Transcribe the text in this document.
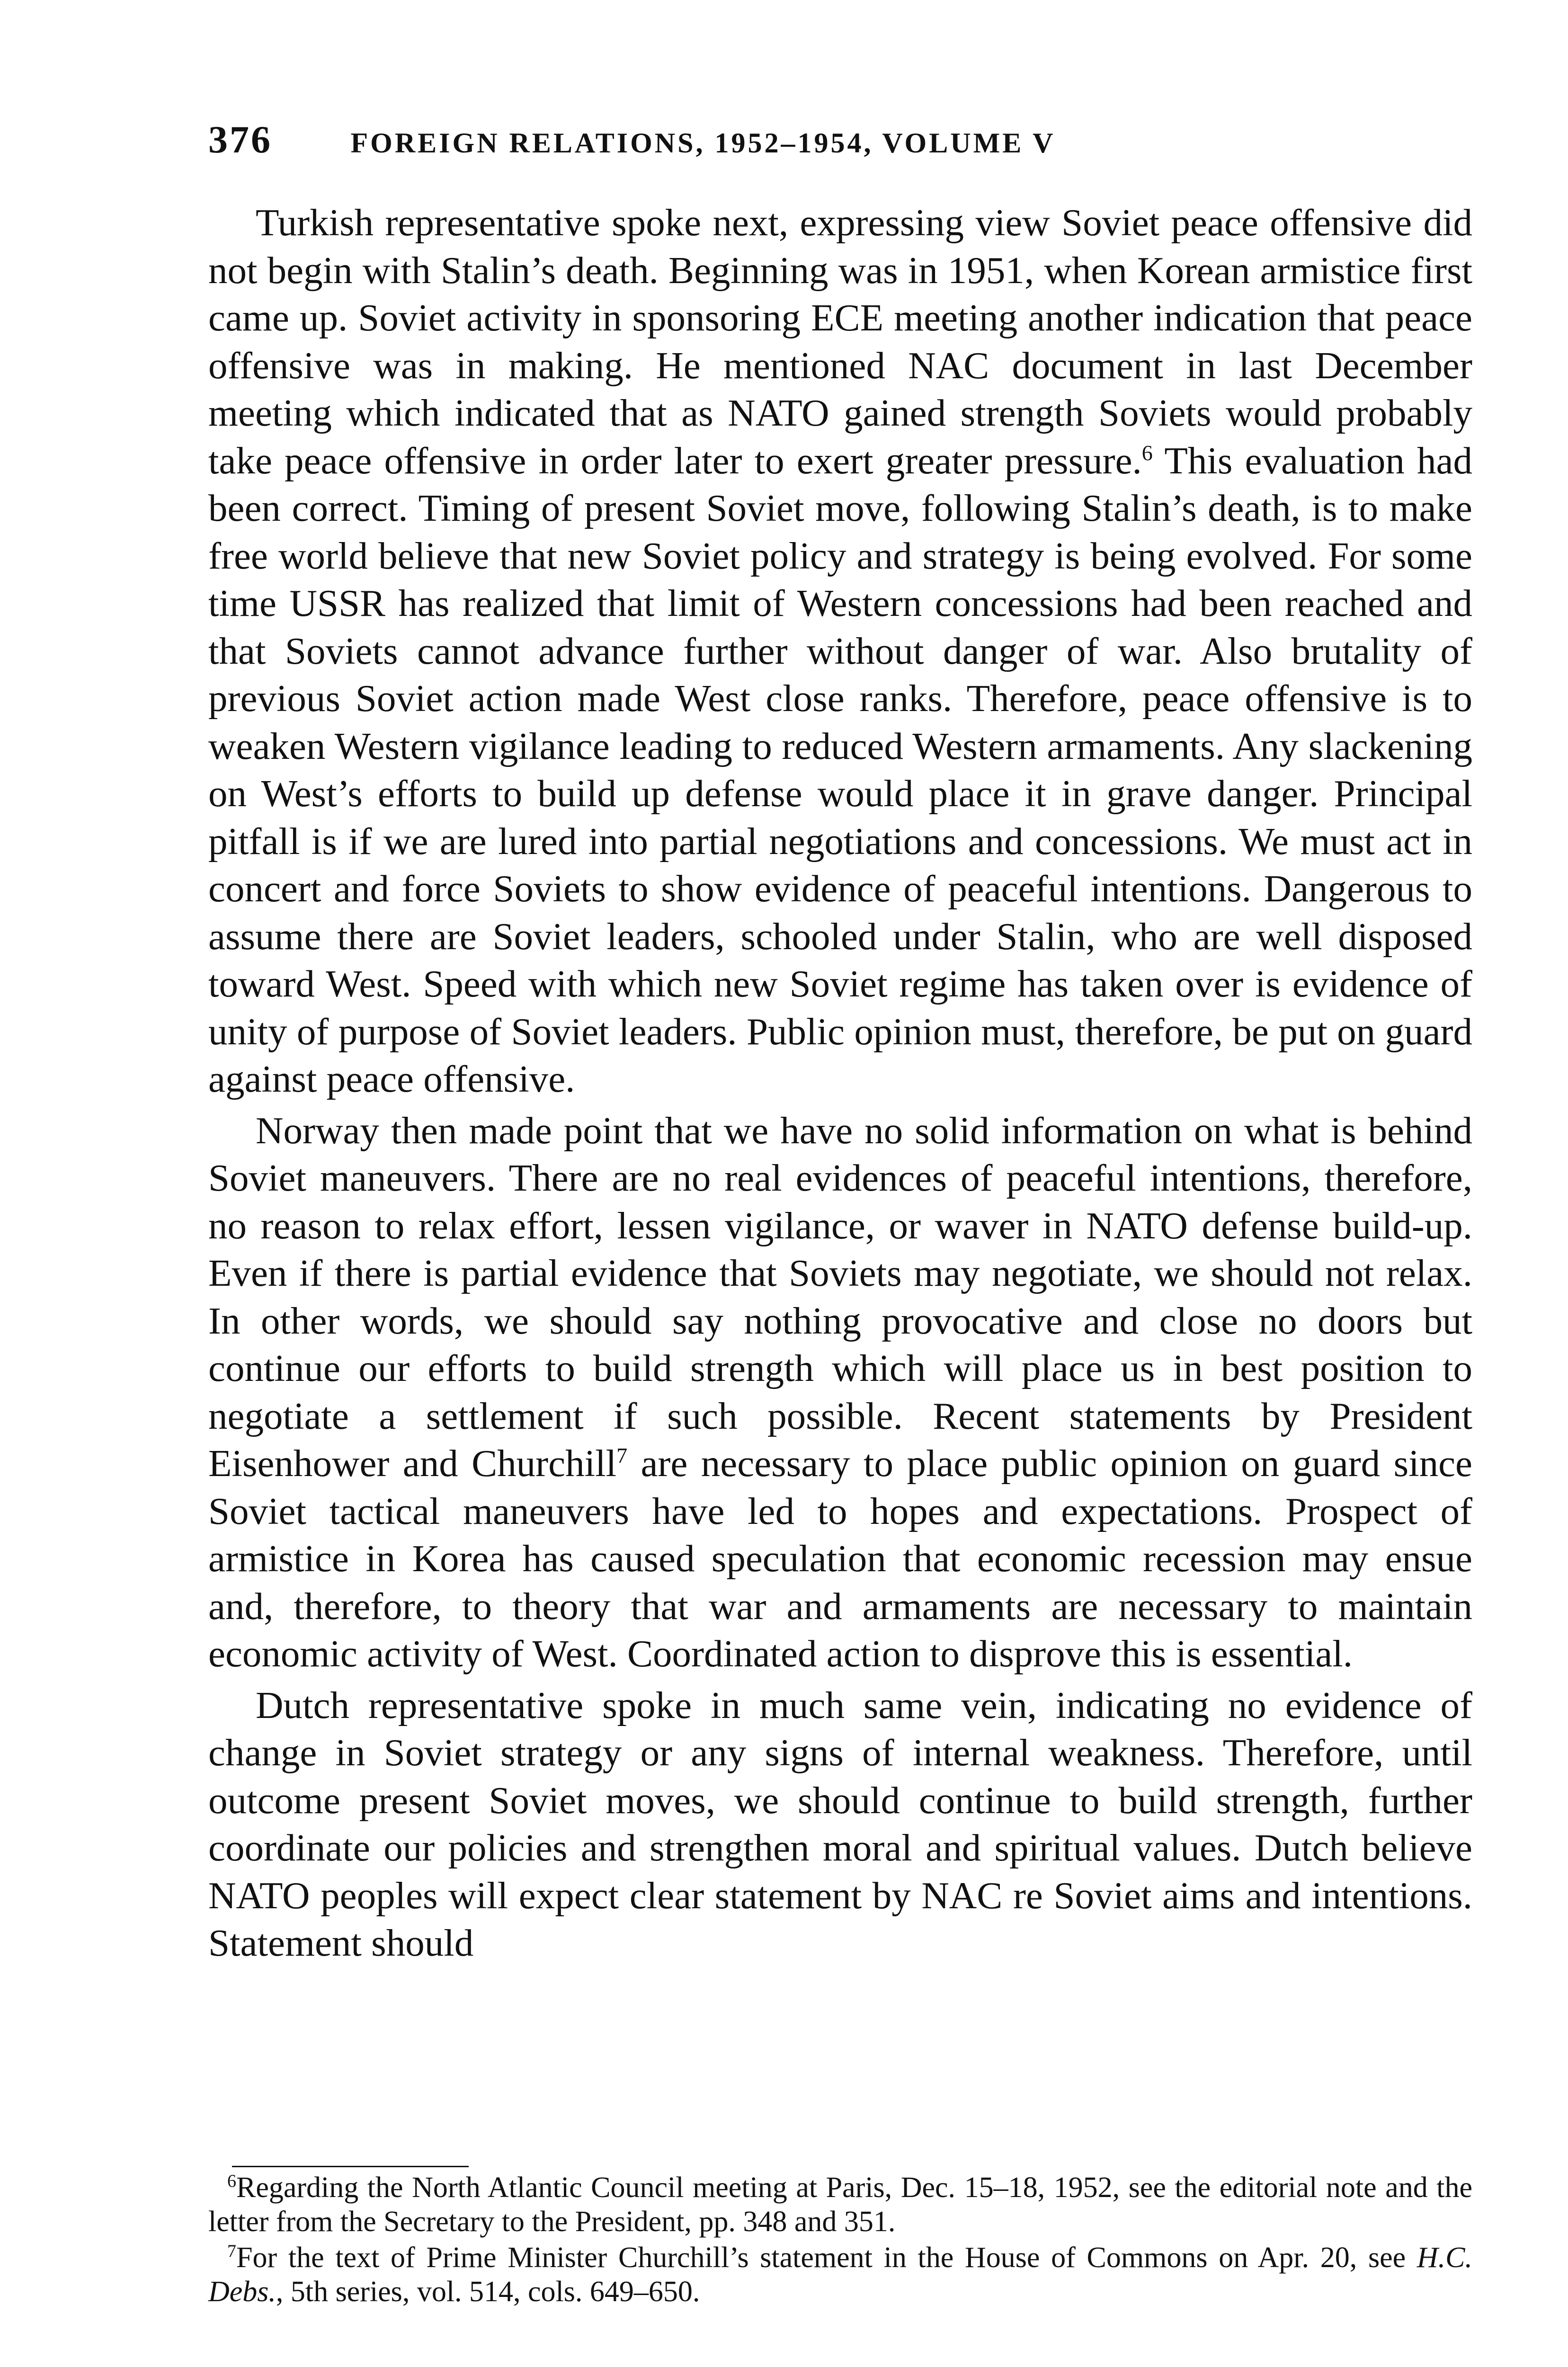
376	FOREIGN RELATIONS, 1952–1954, VOLUME V

Turkish representative spoke next, expressing view Soviet peace offensive did not begin with Stalin’s death. Beginning was in 1951, when Korean armistice first came up. Soviet activity in sponsoring ECE meeting another indication that peace offensive was in making. He mentioned NAC document in last December meeting which indicated that as NATO gained strength Soviets would probably take peace offensive in order later to exert greater pressure.$^6$ This evaluation had been correct. Timing of present Soviet move, following Stalin’s death, is to make free world believe that new Soviet policy and strategy is being evolved. For some time USSR has realized that limit of Western concessions had been reached and that Soviets cannot advance further without danger of war. Also brutality of previous Soviet action made West close ranks. Therefore, peace offensive is to weaken Western vigilance leading to reduced Western armaments. Any slackening on West’s efforts to build up defense would place it in grave danger. Principal pitfall is if we are lured into partial negotiations and concessions. We must act in concert and force Soviets to show evidence of peaceful intentions. Dangerous to assume there are Soviet leaders, schooled under Stalin, who are well disposed toward West. Speed with which new Soviet regime has taken over is evidence of unity of purpose of Soviet leaders. Public opinion must, therefore, be put on guard against peace offensive.

Norway then made point that we have no solid information on what is behind Soviet maneuvers. There are no real evidences of peaceful intentions, therefore, no reason to relax effort, lessen vigilance, or waver in NATO defense build-up. Even if there is partial evidence that Soviets may negotiate, we should not relax. In other words, we should say nothing provocative and close no doors but continue our efforts to build strength which will place us in best position to negotiate a settlement if such possible. Recent statements by President Eisenhower and Churchill$^7$ are necessary to place public opinion on guard since Soviet tactical maneuvers have led to hopes and expectations. Prospect of armistice in Korea has caused speculation that economic recession may ensue and, therefore, to theory that war and armaments are necessary to maintain economic activity of West. Coordinated action to disprove this is essential.

Dutch representative spoke in much same vein, indicating no evidence of change in Soviet strategy or any signs of internal weakness. Therefore, until outcome present Soviet moves, we should continue to build strength, further coordinate our policies and strengthen moral and spiritual values. Dutch believe NATO peoples will expect clear statement by NAC re Soviet aims and intentions. Statement should

$^6$Regarding the North Atlantic Council meeting at Paris, Dec. 15–18, 1952, see the editorial note and the letter from the Secretary to the President, pp. 348 and 351.

$^7$For the text of Prime Minister Churchill’s statement in the House of Commons on Apr. 20, see H.C. Debs., 5th series, vol. 514, cols. 649–650.
